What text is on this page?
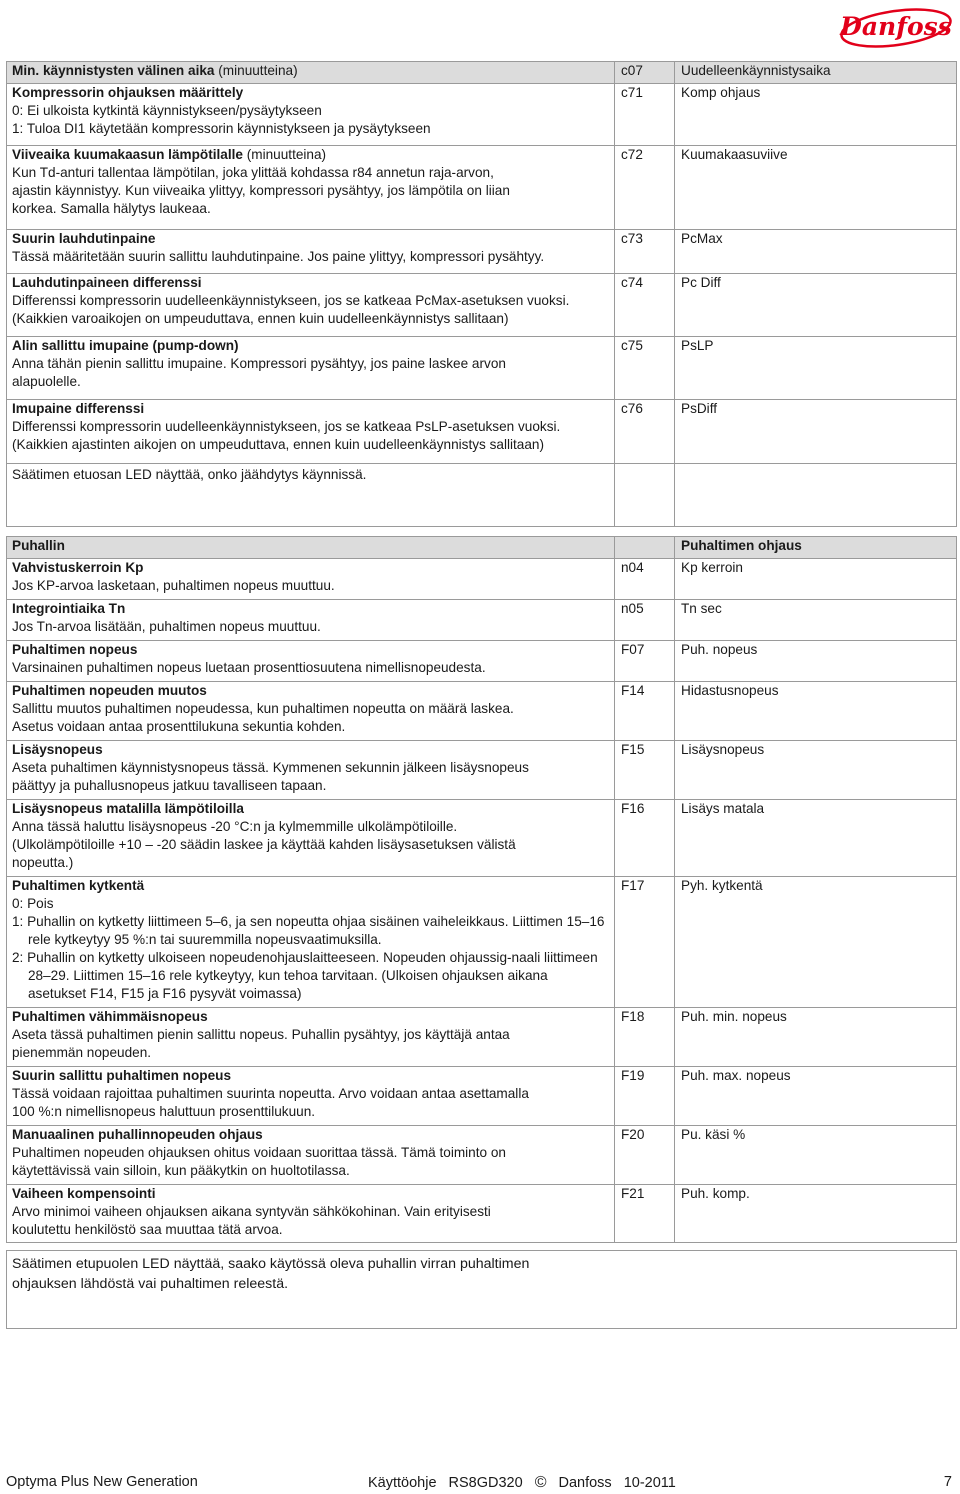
Danfoss
Min. käynnistysten välinen aika (minuutteina)	c07	Uudelleenkäynnistysaika

Kompressorin ohjauksen määrittely
0: Ei ulkoista kytkintä käynnistykseen/pysäytykseen
1: Tuloa DI1 käytetään kompressorin käynnistykseen ja pysäytykseen	c71	Komp ohjaus

Viiveaika kuumakaasun lämpötilalle (minuutteina)
Kun Td-anturi tallentaa lämpötilan, joka ylittää kohdassa r84 annetun raja-arvon,
ajastin käynnistyy. Kun viiveaika ylittyy, kompressori pysähtyy, jos lämpötila on liian
korkea. Samalla hälytys laukeaa.	c72	Kuumakaasuviive

Suurin lauhdutinpaine
Tässä määritetään suurin sallittu lauhdutinpaine. Jos paine ylittyy, kompressori pysähtyy.	c73	PcMax

Lauhdutinpaineen differenssi
Differenssi kompressorin uudelleenkäynnistykseen, jos se katkeaa PcMax-asetuksen vuoksi.
(Kaikkien varoaikojen on umpeuduttava, ennen kuin uudelleenkäynnistys sallitaan)	c74	Pc Diff

Alin sallittu imupaine (pump-down)
Anna tähän pienin sallittu imupaine. Kompressori pysähtyy, jos paine laskee arvon
alapuolelle.	c75	PsLP

Imupaine differenssi
Differenssi kompressorin uudelleenkäynnistykseen, jos se katkeaa PsLP-asetuksen vuoksi.
(Kaikkien ajastinten aikojen on umpeuduttava, ennen kuin uudelleenkäynnistys sallitaan)	c76	PsDiff
Säätimen etuosan LED näyttää, onko jäähdytys käynnissä.		
Puhallin		Puhaltimen ohjaus

Vahvistuskerroin Kp
Jos KP-arvoa lasketaan, puhaltimen nopeus muuttuu.	n04	Kp kerroin

Integrointiaika Tn
Jos Tn-arvoa lisätään, puhaltimen nopeus muuttuu.	n05	Tn sec

Puhaltimen nopeus
Varsinainen puhaltimen nopeus luetaan prosenttiosuutena nimellisnopeudesta.	F07	Puh. nopeus

Puhaltimen nopeuden muutos
Sallittu muutos puhaltimen nopeudessa, kun puhaltimen nopeutta on määrä laskea.
Asetus voidaan antaa prosenttilukuna sekuntia kohden.	F14	Hidastusnopeus

Lisäysnopeus
Aseta puhaltimen käynnistysnopeus tässä. Kymmenen sekunnin jälkeen lisäysnopeus
päättyy ja puhallusnopeus jatkuu tavalliseen tapaan.	F15	Lisäysnopeus

Lisäysnopeus matalilla lämpötiloilla
Anna tässä haluttu lisäysnopeus -20 °C:n ja kylmemmille ulkolämpötiloille.
(Ulkolämpötiloille +10 – -20 säädin laskee ja käyttää kahden lisäysasetuksen välistä
nopeutta.)	F16	Lisäys matala

Puhaltimen kytkentä
0: Pois
1: Puhallin on kytketty liittimeen 5–6, ja sen nopeutta ohjaa sisäinen vaiheleikkaus. Liittimen 15–16 rele kytkeytyy 95 %:n tai suuremmilla nopeusvaatimuksilla.
2: Puhallin on kytketty ulkoiseen nopeudenohjauslaitteeseen. Nopeuden ohjaussig-naali liittimeen 28–29. Liittimen 15–16 rele kytkeytyy, kun tehoa tarvitaan. (Ulkoisen ohjauksen aikana asetukset F14, F15 ja F16 pysyvät voimassa)	F17	Pyh. kytkentä

Puhaltimen vähimmäisnopeus
Aseta tässä puhaltimen pienin sallittu nopeus. Puhallin pysähtyy, jos käyttäjä antaa
pienemmän nopeuden.	F18	Puh. min. nopeus

Suurin sallittu puhaltimen nopeus
Tässä voidaan rajoittaa puhaltimen suurinta nopeutta. Arvo voidaan antaa asettamalla
100 %:n nimellisnopeus haluttuun prosenttilukuun.	F19	Puh. max. nopeus

Manuaalinen puhallinnopeuden ohjaus
Puhaltimen nopeuden ohjauksen ohitus voidaan suorittaa tässä. Tämä toiminto on
käytettävissä vain silloin, kun pääkytkin on huoltotilassa.	F20	Pu. käsi %

Vaiheen kompensointi
Arvo minimoi vaiheen ohjauksen aikana syntyvän sähkökohinan. Vain erityisesti
koulutettu henkilöstö saa muuttaa tätä arvoa.	F21	Puh. komp.
Säätimen etupuolen LED näyttää, saako käytössä oleva puhallin virran puhaltimen
ohjauksen lähdöstä vai puhaltimen releestä.
Optyma Plus New Generation	Käyttöohje RS8GD320 © Danfoss 10-2011	7
